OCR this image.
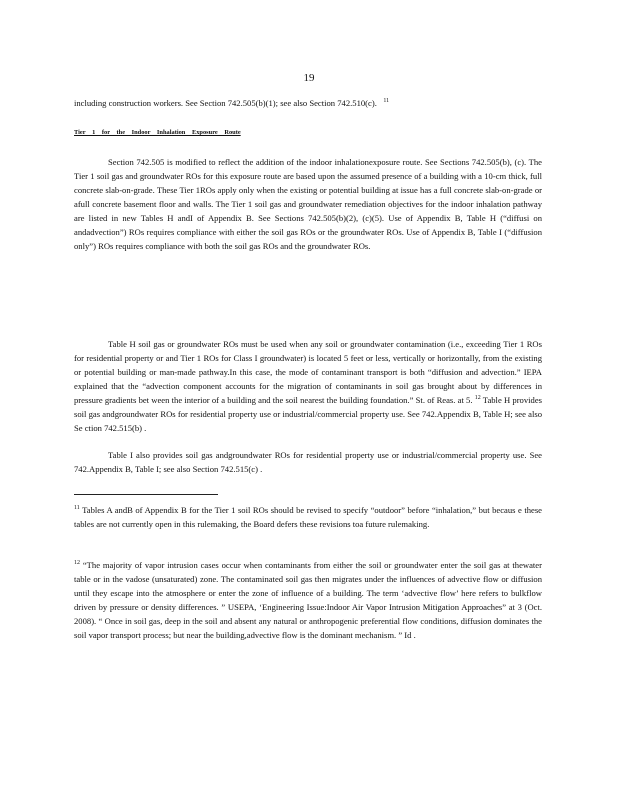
19

including construction workers. See Section 742.505(b)(1); see also Section 742.510(c). $^{11}$

Tier 1 for the Indoor Inhalation Exposure Route

Section 742.505 is modified to reflect the addition of the indoor inhalationexposure route. See Sections 742.505(b), (c). The Tier 1 soil gas and groundwater ROs for this exposure route are based upon the assumed presence of a building with a 10-cm thick, full concrete slab-on-grade. These Tier 1ROs apply only when the existing or potential building at issue has a full concrete slab-on-grade or afull concrete basement floor and walls. The Tier 1 soil gas and groundwater remediation objectives for the indoor inhalation pathway are listed in new Tables H andI of Appendix B. See Sections 742.505(b)(2), (c)(5). Use of Appendix B, Table H (“diffusi on andadvection”) ROs requires compliance with either the soil gas ROs or the groundwater ROs. Use of Appendix B, Table I (“diffusion only”) ROs requires compliance with both the soil gas ROs and the groundwater ROs.

Table H soil gas or groundwater ROs must be used when any soil or groundwater contamination (i.e., exceeding Tier 1 ROs for residential property or and Tier 1 ROs for Class I groundwater) is located 5 feet or less, vertically or horizontally, from the existing or potential building or man-made pathway.In this case, the mode of contaminant transport is both “diffusion and advection.” IEPA explained that the “advection component accounts for the migration of contaminants in soil gas brought about by differences in pressure gradients bet ween the interior of a building and the soil nearest the building foundation.” St. of Reas. at 5. $^{12}$ Table H provides soil gas andgroundwater ROs for residential property use or industrial/commercial property use. See 742.Appendix B, Table H; see also Se ction 742.515(b) .

Table I also provides soil gas andgroundwater ROs for residential property use or industrial/commercial property use. See 742.Appendix B, Table I; see also Section 742.515(c) .

$^{11}$ Tables A andB of Appendix B for the Tier 1 soil ROs should be revised to specify “outdoor” before “inhalation,” but becaus e these tables are not currently open in this rulemaking, the Board defers these revisions toa future rulemaking.

$^{12}$ “The majority of vapor intrusion cases occur when contaminants from either the soil or groundwater enter the soil gas at thewater table or in the vadose (unsaturated) zone. The contaminated soil gas then migrates under the influences of advective flow or diffusion until they escape into the atmosphere or enter the zone of influence of a building. The term ‘advective flow’ here refers to bulkflow driven by pressure or density differences. ” USEPA, ‘Engineering Issue:Indoor Air Vapor Intrusion Mitigation Approaches” at 3 (Oct. 2008). “ Once in soil gas, deep in the soil and absent any natural or anthropogenic preferential flow conditions, diffusion dominates the soil vapor transport process; but near the building,advective flow is the dominant mechanism. ” Id .
